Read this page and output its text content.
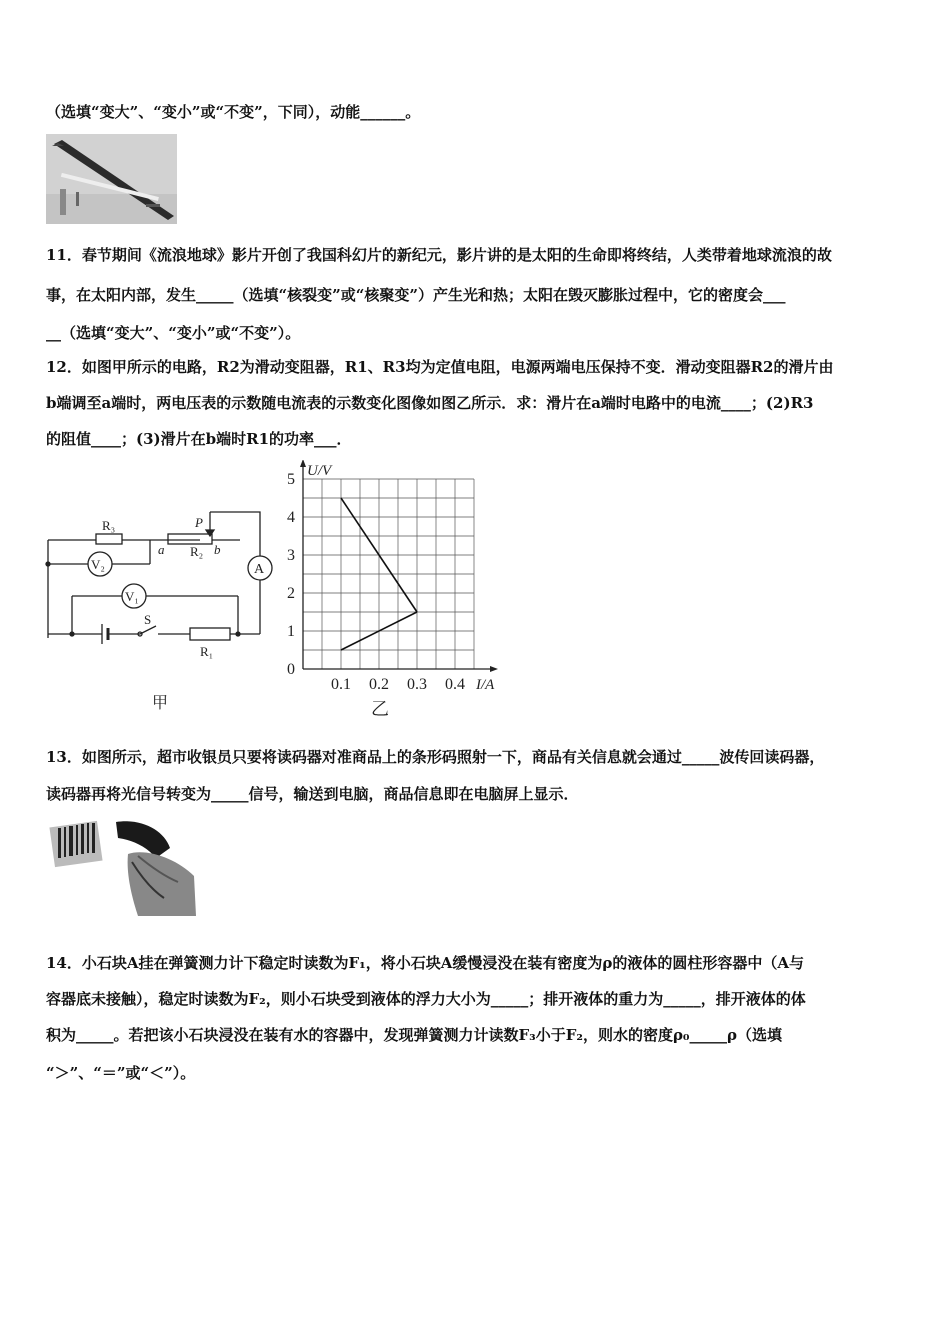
（选填“变大”、“变小”或“不变”，下同），动能______。
11．春节期间《流浪地球》影片开创了我国科幻片的新纪元，影片讲的是太阳的生命即将终结，人类带着地球流浪的故
事，在太阳内部，发生_____（选填“核裂变”或“核聚变”）产生光和热；太阳在毁灭膨胀过程中，它的密度会___
__（选填“变大”、“变小”或“不变”）。
12．如图甲所示的电路，R2为滑动变阻器，R1、R3均为定值电阻，电源两端电压保持不变．滑动变阻器R2的滑片由
b端调至a端时，两电压表的示数随电流表的示数变化图像如图乙所示．求：滑片在a端时电路中的电流____；(2)R3
的阻值____；(3)滑片在b端时R1的功率___．
R₃
R₂
R₁
P
a	b
A
V₁
V₂
S
甲
0
1
2
3
4
5
0.1 0.2 0.3 0.4 I/A
U/V
乙
13．如图所示，超市收银员只要将读码器对准商品上的条形码照射一下，商品有关信息就会通过_____波传回读码器，
读码器再将光信号转变为_____信号，输送到电脑，商品信息即在电脑屏上显示．
14．小石块A挂在弹簧测力计下稳定时读数为F₁，将小石块A缓慢浸没在装有密度为ρ的液体的圆柱形容器中（A与
容器底未接触），稳定时读数为F₂，则小石块受到液体的浮力大小为_____；排开液体的重力为_____，排开液体的体
积为_____。若把该小石块浸没在装有水的容器中，发现弹簧测力计读数F₃小于F₂，则水的密度ρ₀_____ρ（选填
“＞”、“＝”或“＜”）。
